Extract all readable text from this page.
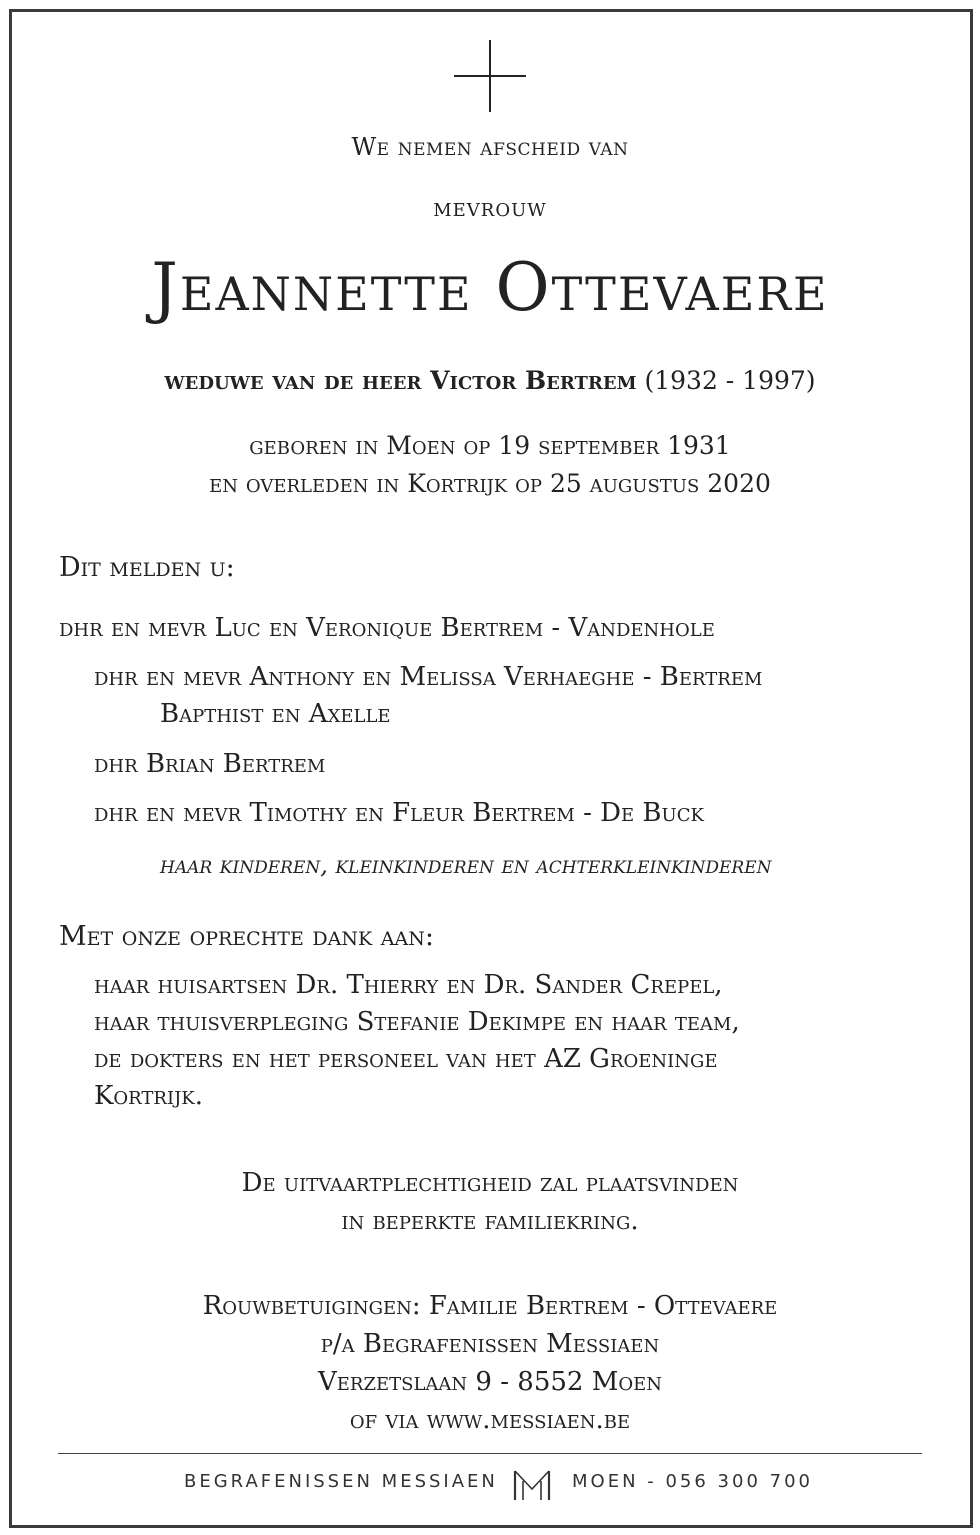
We nemen afscheid van
mevrouw
Jeannette Ottevaere
weduwe van de heer Victor Bertrem (1932 - 1997)
geboren in Moen op 19 september 1931
en overleden in Kortrijk op 25 augustus 2020
Dit melden u:
dhr en mevr Luc en Veronique Bertrem - Vandenhole
dhr en mevr Anthony en Melissa Verhaeghe - Bertrem
Bapthist en Axelle
dhr Brian Bertrem
dhr en mevr Timothy en Fleur Bertrem - De Buck
haar kinderen, kleinkinderen en achterkleinkinderen
Met onze oprechte dank aan:
haar huisartsen Dr. Thierry en Dr. Sander Crepel,
haar thuisverpleging Stefanie Dekimpe en haar team,
de dokters en het personeel van het AZ Groeninge
Kortrijk.
De uitvaartplechtigheid zal plaatsvinden
in beperkte familiekring.
Rouwbetuigingen: Familie Bertrem - Ottevaere
p/a Begrafenissen Messiaen
Verzetslaan 9 - 8552 Moen
of via www.messiaen.be
BEGRAFENISSEN MESSIAEN	MOEN - 056 300 700
